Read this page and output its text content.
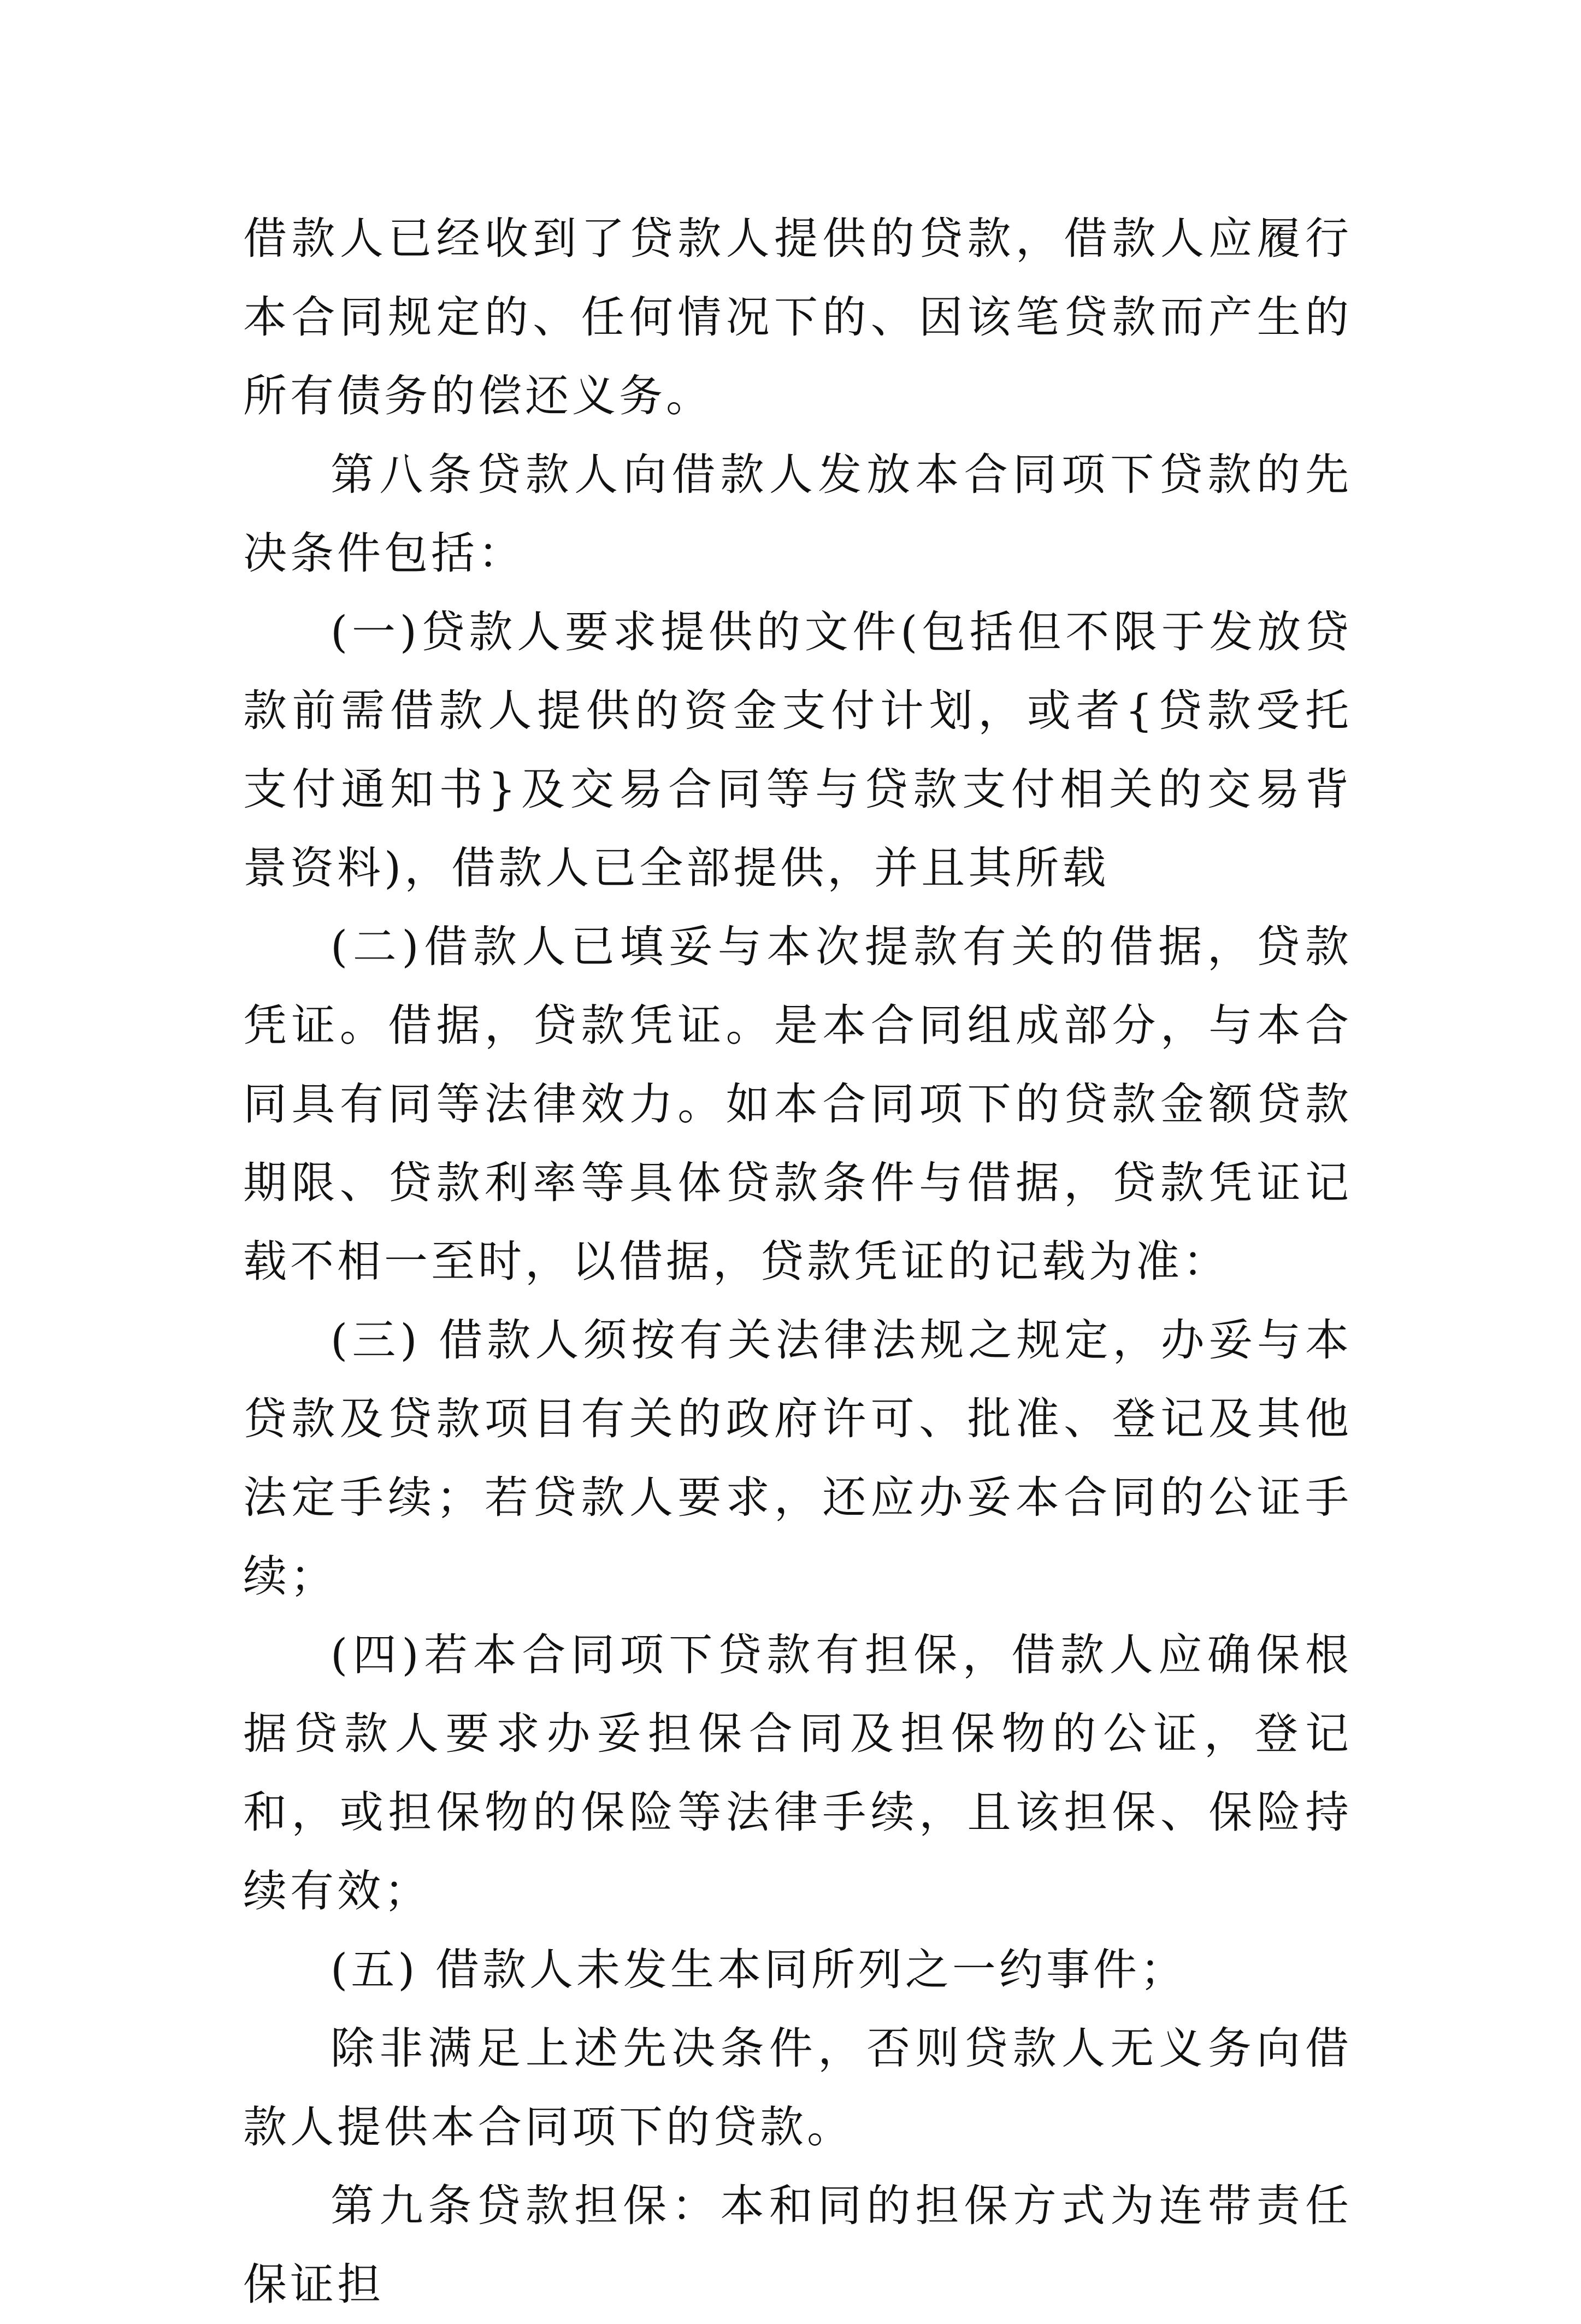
借款人已经收到了贷款人提供的贷款，借款人应履行本合同规定的、任何情况下的、因该笔贷款而产生的所有债务的偿还义务。

第八条贷款人向借款人发放本合同项下贷款的先决条件包括：

(一)贷款人要求提供的文件(包括但不限于发放贷款前需借款人提供的资金支付计划，或者{贷款受托支付通知书}及交易合同等与贷款支付相关的交易背景资料)，借款人已全部提供，并且其所载

(二)借款人已填妥与本次提款有关的借据，贷款凭证。借据，贷款凭证。是本合同组成部分，与本合同具有同等法律效力。如本合同项下的贷款金额贷款期限、贷款利率等具体贷款条件与借据，贷款凭证记载不相一至时，以借据，贷款凭证的记载为准：

(三) 借款人须按有关法律法规之规定，办妥与本贷款及贷款项目有关的政府许可、批准、登记及其他法定手续；若贷款人要求，还应办妥本合同的公证手续；

(四)若本合同项下贷款有担保，借款人应确保根据贷款人要求办妥担保合同及担保物的公证，登记和，或担保物的保险等法律手续，且该担保、保险持续有效；

(五) 借款人未发生本同所列之一约事件；

除非满足上述先决条件，否则贷款人无义务向借款人提供本合同项下的贷款。

第九条贷款担保：本和同的担保方式为连带责任保证担
